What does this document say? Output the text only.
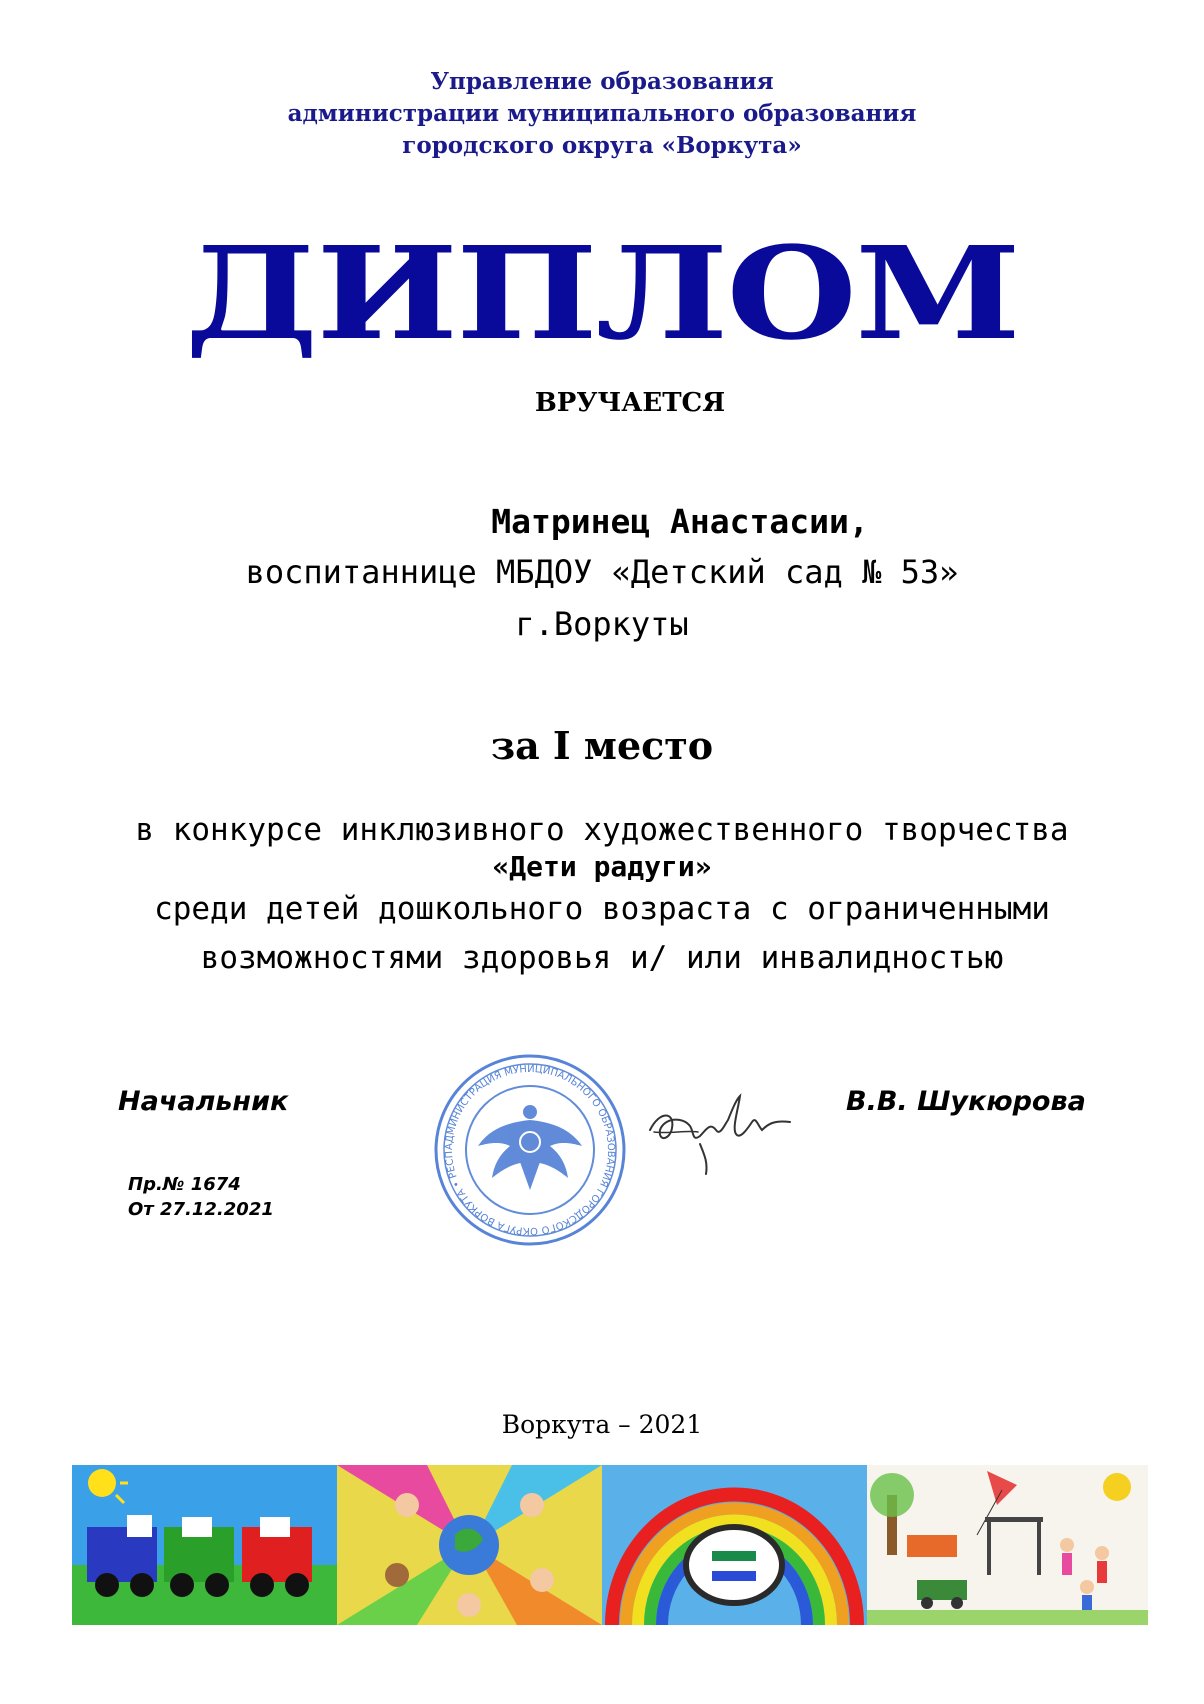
Управление образования
администрации муниципального образования
городского округа «Воркута»
ДИПЛОМ
ВРУЧАЕТСЯ
Матринец Анастасии,
воспитаннице МБДОУ «Детский сад № 53»
г.Воркуты
за I место
в конкурсе инклюзивного художественного творчества
«Дети радуги»
среди детей дошкольного возраста с ограниченными
возможностями здоровья и/ или инвалидностью
Начальник	В.В. Шукюрова
Пр.№ 1674
От 27.12.2021
АДМИНИСТРАЦИЯ МУНИЦИПАЛЬНОГО ОБРАЗОВАНИЯ ГОРОДСКОГО ОКРУГА ВОРКУТА • РЕСП
Воркута – 2021
